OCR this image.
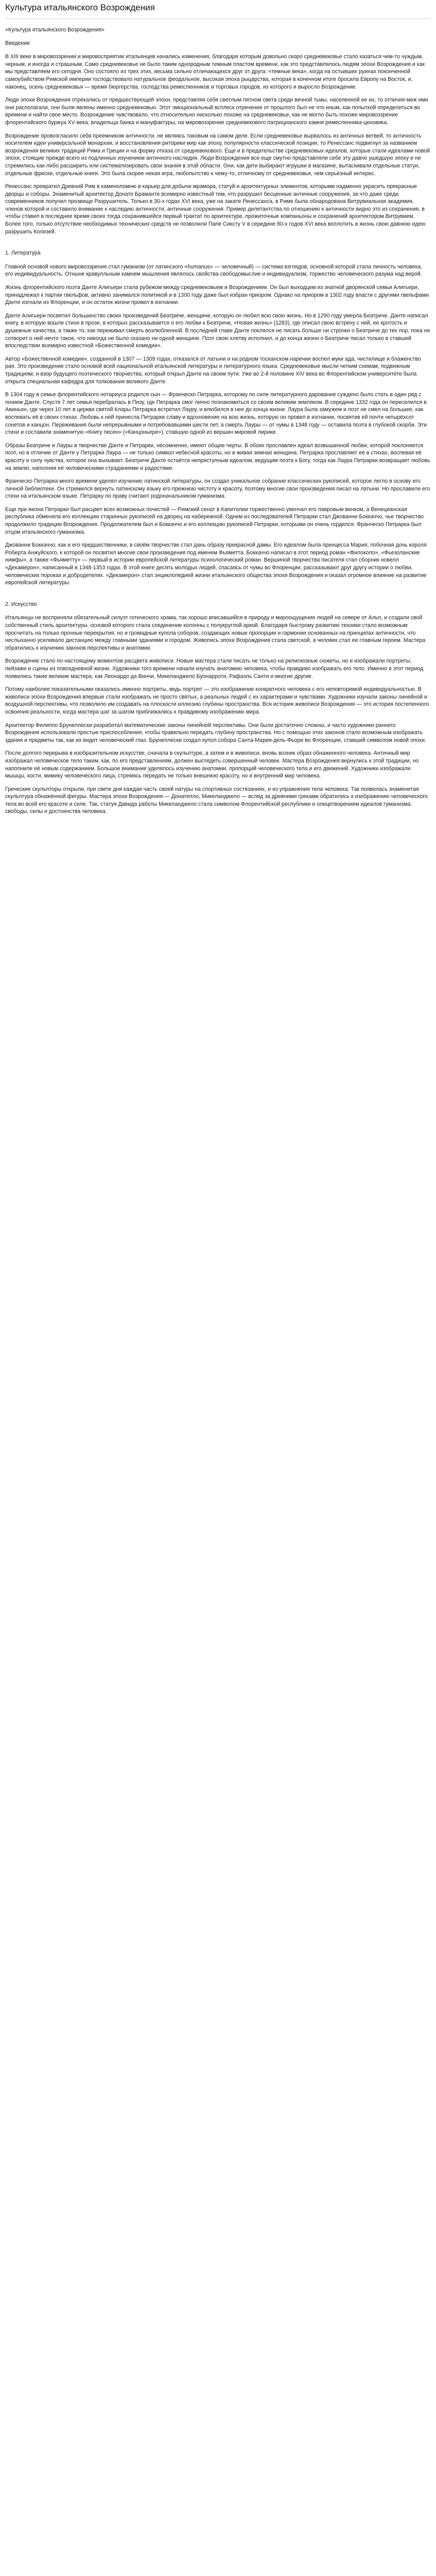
Культура итальянского Возрождения

«Культура итальянского Возрождения»

Введение

В XIII веке в мировоззрении и мировосприятии итальянцев начались изменения, благодаря которым довольно скоро средневековье стало казаться чем-то чуждым, черным, и иногда и страшным. Само средневековье не было таким однородным темным пластом времени, как это представлялось людям эпохи Возрождения и как мы представляем его сегодня. Оно состояло из трех этих, весьма сильно отличающихся друг от друга: «темные века», когда на остывших руинах поконченной самоубийством Римской империи господствовало натуральное феодальное, высокая эпоха рыцарства, которая в конечном итоге бросила Европу на Восток, и, наконец, осень средневековья — время бюргерства, господства ремесленников и торговых городов, из которого и выросло Возрождение.

Люди эпохи Возрождения отрекались от предшествующей эпохи, представляя себя светлым пятном света среди вечной тьмы, населенной ее их, то отличия меж ими они располагали, они были явлены именно средневековью. Этот эмоциональный всплеск отречения от прошлого был не что иным, как попыткой определиться во времени и найти свое место. Возрождение чувствовало, что относительно нисколько похоже на средневековье, как не могло быть похоже мировоззрение флорентийского буржуа XV века, владельца банка и мануфактуры, на мировоззрение средневекового патрицианского камня ремесленника-цеховика.

Возрождение провозгласило себя преемником античности, не являясь таковым на самом деле. Если средневековье вырвалось из античных ветвей, то античность носителем идеи универсальной монархии, и восстановления риторики мир как эпоху, популярности классической позиции, то Ренессанс подвигнул за названием возрождения великих традиций Рима и Греции и на форму отказа от средневекового. Еще и в предательстве средневековых идеалов, которые стали идеалами новой эпохи, стоящие прежде всего из подлинных изучением античного наследия. Люди Возрождения все еще смутно представляли себе эту давно ушедшую эпоху и не стремились как-либо расширить или систематизировать свои знания в этой области. Они, как дети выбирают игрушки в магазине, вытаскивали отдельные статуи, отдельные фрески, отдельные книги. Это была скорее некая игра, любопытство к чему-то, отличному от средневековья, чем серьёзный интерес.

Ренессанс превратил Древний Рим в каменоломню в карьер для добычи мрамора, статуй и архитектурных элементов, которыми надменно украсить прекрасные дворцы и соборы. Знаменитый архитектор Донато Браманте всемирно известный тем, что разрушил бесценные античные сооружения, за что даже среди современников получил прозвище Разрушитель. Только в 30-х годах XVI века, уже на закате Ренессанса, в Риме была обнародована Витрувиальная академия, членов которой и составило внимание к наследию античности, античные сооружения. Пример дилетантства по отношению к античности видно это из сохранения, в чтобы ставил в последнее время своих тогда сохранившейся первый трактат по архитектуре, прожиточные компаньоны и сохранений архитектором Витрувием. Более того, только отсутствие необходимых технических средств не позволили Папе Сиксту V в середине 80-х годов XVI века воплотить в жизнь свою давнюю идею разрушить Колизей.

1. Литература

Главной основой нового мировоззрения стал гуманизм (от латинского «humanus» — человечный) — система взглядов, основной которой стала личность человека, его индивидуальность. Отныне кравулльным камнем мышления являлось свойства свободомыслие и индивидуализм, торжество человеческого разума над верой.

Жизнь флорентийского поэта Данте Алигьери стала рубежом между средневековьем и Возрождением. Он был выходцем из знатной дворянской семьи Алигьери, принадлежал к партии гвельфов, активно занимался политикой и в 1300 году даже был избран приором. Однако на приором в 1302 году власти с другими гвельфами Данте изгнали из Флоренции, и он остаток жизни провел в изгнании.

Данте Алигьери посвятил большинство своих произведений Беатриче, женщине, которую он любил всю свою жизнь. Но в 1290 году умерла Беатриче. Данте написал книгу, в которую вошли стихи в прозе, в которых рассказывается о его любви к Беатриче, «Новая жизнь» (1283), где описал свою встречу с ней, ее кротость и душевные качества, а также то, как переживал смерть возлюбленной. В последней главе Данте поклялся не писать больше ни строчки о Беатриче до тех пор, пока не сотворит о ней нечто такое, что никогда не было сказано ни одной женщине. Поэт свою клятву исполнил, и до конца жизни о Беатриче писал только в ставшей впоследствии всемирно известной «Божественной комедии».

Автор «Божественной комедии», созданной в 1307 — 1309 годах, отказался от латыни и на родном тосканском наречии воспел муки ада, чистилище и блаженство рая. Это произведение стало основой всей национальной итальянской литературы и литературного языка. Средневековые мысли четким схемам, подвижным традициям, и взор будущего поэтического творчества, который открыл Данте на своем пути. Уже во 2-й половине XIV века во Флорентийском университете была открыта специальная кафедра для толкования великого Данте.

В 1304 году в семье флорентийского нотариуса родился сын — Франческо Петрарка, которому по силе литературного дарования суждено было стать в один ряд с гением Данте. Спустя 7 лет семья перебралась в Пизу, где Петрарка смог лично познакомиться со своим великим земляком. В середине 1332 года он переселился в Авиньон, где через 10 лет в церкви святой Клары Петрарка встретил Лауру, и влюбился в нее до конца жизни. Лаура была замужем и поэт не смел на большее, как воспевать её в своих стихах. Любовь к ней принесла Петрарке славу и вдохновение на всю жизнь, которую он провел в изгнании, посвятив ей почти четырёхсот сонетов и канцон. Переживания были непрерывными и потребовавшими шести лет, а смерть Лауры — от чумы в 1348 году — оставила поэта в глубокой скорби. Эти стихи и составили знаменитую «Книгу песен» («Канцоньере»), ставшую одной из вершин мировой лирики.

Образы Беатриче и Лауры в творчестве Данте и Петрарки, несомненно, имеют общие черты. В обоих прославлен идеал возвышенной любви, которой поклоняется поэт, но в отличие от Данте у Петрарки Лаура — не только символ небесной красоты, но и живая земная женщина. Петрарка прославляет её в стихах, воспевая её красоту и силу чувства, которое она вызывает. Беатриче Данте остаётся неприступным идеалом, ведущим поэта к Богу, тогда как Лаура Петрарки возвращает любовь на землю, наполняя её человеческими страданиями и радостями.

Франческо Петрарка много времени уделял изучению латинской литературы, он создал уникальное собрание классических рукописей, которое легло в основу его личной библиотеки. Он стремился вернуть латинскому языку его прежнюю чистоту и красоту, поэтому многие свои произведения писал на латыни. Но прославили его стихи на итальянском языке. Петрарку по праву считают родоначальником гуманизма.

Еще при жизни Петрарки был расцвет всех возможных почестей — Римский сенат в Капитолии торжественно увенчал его лавровым венком, а Венецианская республика обменяла его коллекцию старинных рукописей на дворец на набережной. Одним из последователей Петрарки стал Джованни Боккаччо, чье творчество продолжило традиции Возрождения. Продолжателем был и Боккаччо и его коллекцию рукописей Петрарки, которыми он очень гордился. Франческо Петрарка был отцом итальянского гуманизма.

Джованни Боккаччо, как и его предшественники, в своём творчестве стал дань образу прекрасной дамы. Его идеалом была принцесса Мария, побочная дочь короля Роберта Анжуйского, к которой он посвятил многие свои произведения под именем Фьяметта. Боккаччо написал в этот период роман «Филоколо», «Фьезоланские нимфы», а также «Фьяметту» — первый в истории европейской литературы психологический роман. Вершиной творчества писателя стал сборник новелл «Декамерон», написанный в 1348-1353 годах. В этой книге десять молодых людей, спасаясь от чумы во Флоренции, рассказывают друг другу истории о любви, человеческих пороках и добродетелях. «Декамерон» стал энциклопедией жизни итальянского общества эпохи Возрождения и оказал огромное влияние на развитие европейской литературы.

2. Искусство

Итальянцы не восприняли обязательный силуэт готического храма, так хорошо вписавшийся в природу и мироощущение людей на севере от Альп, и создали свой собственный стиль архитектуры, основой которого стала соединение колонны с полукруглой аркой. Благодаря быстрому развитию техники стало возможным просчитать на только прочные перекрытия, но и громадные купола соборов, создающих новые пропорции и гармонии основанных на принципах античности, что неслыханно усиливало дистанцию между главными зданиями и городом. Живопись эпохи Возрождения стала светской, а человек стал ее главным героем. Мастера обратились к изучению законов перспективы и анатомии.

Возрождение стало по-настоящему моментом расцвета живописи. Новые мастера стали писать не только на религиозные сюжеты, но и изображали портреты, пейзажи и сцены из повседневной жизни. Художники того времени начали изучать анатомию человека, чтобы правдиво изображать его тело. Именно в этот период появились такие великие мастера, как Леонардо да Винчи, Микеланджело Буонарроти, Рафаэль Санти и многие другие.

Потому наиболее показательными оказались именно портреты, ведь портрет — это изображение конкретного человека с его неповторимой индивидуальностью. В живописи эпохи Возрождения впервые стали изображать не просто святых, а реальных людей с их характерами и чувствами. Художники изучали законы линейной и воздушной перспективы, что позволило им создавать на плоскости иллюзию глубины пространства. Вся история живописи Возрождения — это история постепенного освоения реальности, когда мастера шаг за шагом приближались к правдивому изображению мира.

Архитектор Филиппо Брунеллески разработал математические законы линейной перспективы. Они были достаточно сложны, и часто художники раннего Возрождения использовали простые приспособления, чтобы правильно передать глубину пространства. Но с помощью этих законов стало возможным изображать здания и предметы так, как их видит человеческий глаз. Брунеллески создал купол собора Санта-Мария-дель-Фьоре во Флоренции, ставший символом новой эпохи.

После долгого перерыва в изобразительном искусстве, сначала в скульптуре, а затем и в живописи, вновь возник образ обнаженного человека. Античный мир изображал человеческое тело таким, как, по его представлениям, должен выглядеть совершенный человек. Мастера Возрождения вернулись к этой традиции, но наполнили её новым содержанием. Большое внимание уделялось изучению анатомии, пропорций человеческого тела и его движений. Художники изображали мышцы, кости, мимику человеческого лица, стремясь передать не только внешнюю красоту, но и внутренний мир человека.

Греческие скульпторы открыли, при свете дня каждая часть своей натуры на спортивных состязаниях, и из упражнения тела человека. Так появилась знаменитая скульптура обнажённой фигуры. Мастера эпохи Возрождения — Донателло, Микеланджело — вслед за древними греками обратились к изображению человеческого тела во всей его красоте и силе. Так, статуя Давида работы Микеланджело стала символом Флорентийской республики и олицетворением идеалов гуманизма: свободы, силы и достоинства человека.
